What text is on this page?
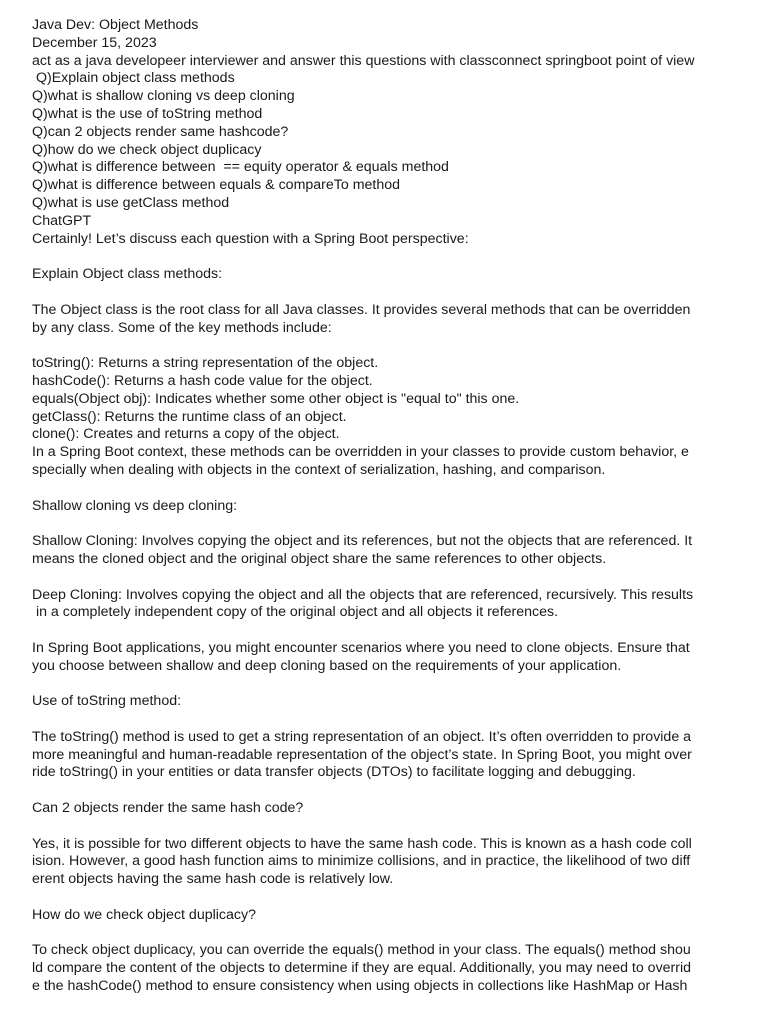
Java Dev: Object Methods
December 15, 2023
act as a java developeer interviewer and answer this questions with classconnect springboot point of view
Q)Explain object class methods
Q)what is shallow cloning vs deep cloning
Q)what is the use of toString method
Q)can 2 objects render same hashcode?
Q)how do we check object duplicacy
Q)what is difference between  == equity operator & equals method
Q)what is difference between equals & compareTo method
Q)what is use getClass method
ChatGPT
Certainly! Let’s discuss each question with a Spring Boot perspective:
Explain Object class methods:
The Object class is the root class for all Java classes. It provides several methods that can be overridden
by any class. Some of the key methods include:
toString(): Returns a string representation of the object.
hashCode(): Returns a hash code value for the object.
equals(Object obj): Indicates whether some other object is "equal to" this one.
getClass(): Returns the runtime class of an object.
clone(): Creates and returns a copy of the object.
In a Spring Boot context, these methods can be overridden in your classes to provide custom behavior, e
specially when dealing with objects in the context of serialization, hashing, and comparison.
Shallow cloning vs deep cloning:
Shallow Cloning: Involves copying the object and its references, but not the objects that are referenced. It
means the cloned object and the original object share the same references to other objects.
Deep Cloning: Involves copying the object and all the objects that are referenced, recursively. This results
in a completely independent copy of the original object and all objects it references.
In Spring Boot applications, you might encounter scenarios where you need to clone objects. Ensure that
you choose between shallow and deep cloning based on the requirements of your application.
Use of toString method:
The toString() method is used to get a string representation of an object. It’s often overridden to provide a
more meaningful and human-readable representation of the object’s state. In Spring Boot, you might over
ride toString() in your entities or data transfer objects (DTOs) to facilitate logging and debugging.
Can 2 objects render the same hash code?
Yes, it is possible for two different objects to have the same hash code. This is known as a hash code coll
ision. However, a good hash function aims to minimize collisions, and in practice, the likelihood of two diff
erent objects having the same hash code is relatively low.
How do we check object duplicacy?
To check object duplicacy, you can override the equals() method in your class. The equals() method shou
ld compare the content of the objects to determine if they are equal. Additionally, you may need to overrid
e the hashCode() method to ensure consistency when using objects in collections like HashMap or Hash
